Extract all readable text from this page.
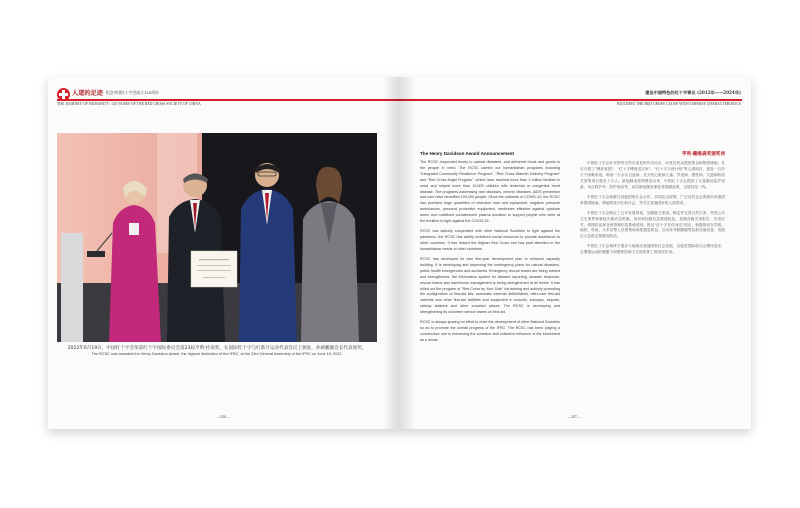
人道的足迹 纪念中国红十字会成立120周年
THE JOURNEY OF HUMANITY: 120 YEARS OF THE RED CROSS SOCIETY OF CHINA
2022年6月19日，中国红十字会荣获红十字国际委员会第23届亨利·杜南奖，在国际红十字与红新月运动代表会议上颁发，孙硕鹏副会长代表领奖。
The RCSC was awarded the Henry Davidson Award, the highest distinction of the IFRC, at the 23rd General Assembly of the IFRC on June 19, 2022.
—206—
建设中国特色的红十字事业 (2012年——2024年)
BUILDING THE RED CROSS CAUSE WITH CHINESE CHARACTERISTICS
The Henry Davidson Award Announcement
The RCSC responded timely to natural disasters, and delivered funds and goods to the people in need. The RCSC carried out humanitarian programs including "Integrated Community Resilience Program", "Red Cross Warmth Delivery Program" and "Red Cross Angel Program", which have reached more than 1 million families in need and helped more than 10,000 children with leukemia or congenital heart disease. The programs addressing rare diseases, chronic diseases, AIDS prevention and care have benefited 100,000 people. Since the outbreak of COVID-19, the RCSC has provided large quantities of intensive care unit equipment, negative pressure ambulances, personal protective equipment, medicines effective against cytokine storm and mobilized convalescent plasma donation to support people who were at the frontline to fight against the COVID-19.
RCSC has actively cooperated with other National Societies to fight against the pandemic, the RCSC has widely mobilized social resources to provide assistance to other countries. It has helped the Afghan Red Cross and has paid attention to the humanitarian needs of other countries.
RCSC has developed its own five-year development plan to enhance capacity building. It is developing and improving the contingency plans for natural disasters, public health emergencies and accidents. Emergency rescue teams are being trained and strengthened, the information system for disaster reporting, disaster response, rescue teams and warehouse management is being strengthened at all levels. It has rolled out the program of "Red Cross by Your Side" via training and actively promoting the configuration of first-aid kits, automatic external defibrillators, after-care first-aid cabinets and other first-aid facilities and equipment in schools, subways, airports, railway stations and other crowded places. The RCSC is developing and strengthening its volunteer service teams on first aid.
RCSC is always sparing no effort to drive the development of other National Societies so as to promote the overall progress of the IFRC. The RCSC has been playing a constructive role in enhancing the cohesion and collective influence of the Movement as a whole.
亨利·戴维森奖颁奖词
中国红十字会针对国内自然灾害及时作出反应，向受灾民众提供资金和物资援助。先后开展了"博爱家园"、"红十字博爱送万家"、"红十字天使计划"等人道项目，惠及一百多万个困难家庭，救助一万余名白血病、先天性心脏病儿童。罕见病、慢性病、艾滋病防治关爱等项目惠及十万人。新冠肺炎疫情暴发以来，中国红十字会提供了大量重症监护设备、负压救护车、防护用品等，动员新冠肺炎康复者捐献血浆，支援抗疫一线。
中国红十字会积极与其他国家红会合作，共同抗击疫情，广泛动员社会资源向其他国家提供援助。帮助阿富汗红新月会，并关注其他国家的人道需求。
中国红十字会制定了五年发展规划，加强能力建设。制定并完善自然灾害、突发公共卫生事件和事故灾难应急预案。培训和加强应急救援队伍，加强各级灾害报告、灾害应对、救援队伍和仓库管理信息系统建设。推出"红十字在你身边"项目，积极推动在学校、地铁、机场、火车站等人员密集场所配置急救包、自动体外除颤器等急救设施设备，发展壮大急救志愿服务队伍。
中国红十字会始终不遗余力地推动其他国家红会发展，以促进国际联合会整体进步，在增强运动的凝聚力和整体影响力方面发挥了建设性作用。
—207—
